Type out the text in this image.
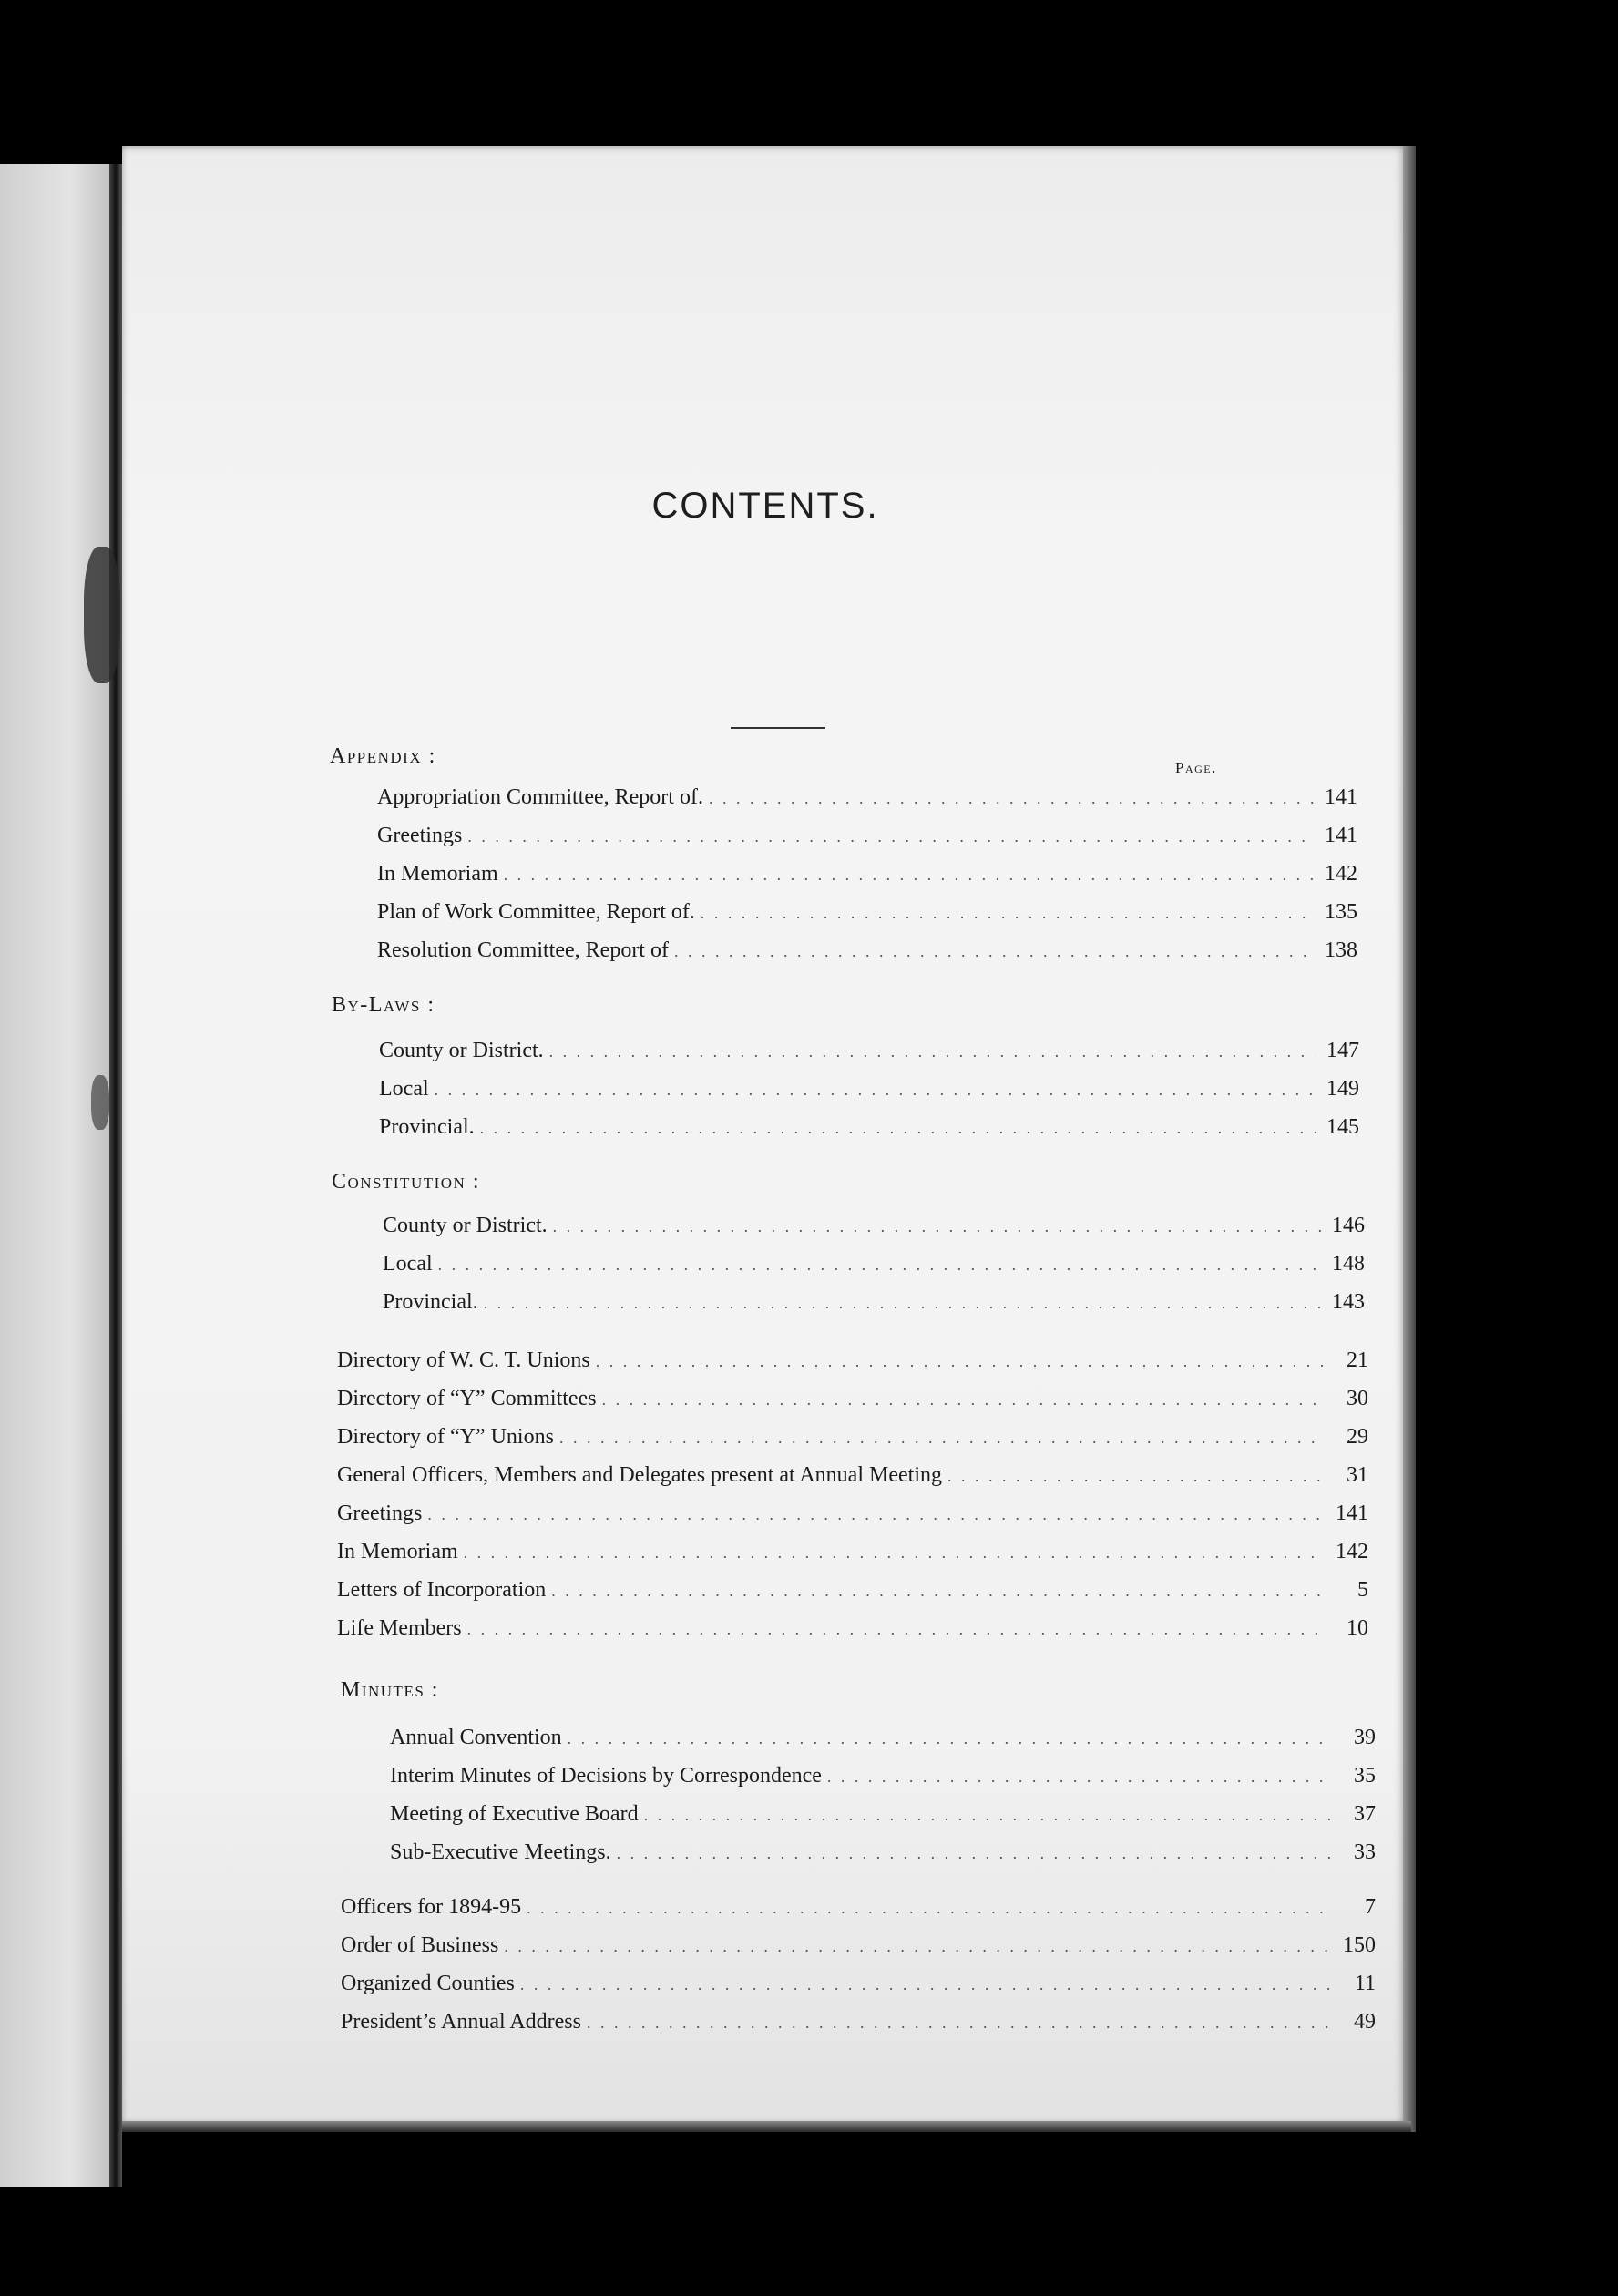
CONTENTS.
Appendix :	Page.
Appropriation Committee, Report of. . . .	141
Greetings . . .	141
In Memoriam . . .	142
Plan of Work Committee, Report of. . . .	135
Resolution Committee, Report of . . .	138
By-Laws :
County or District. . . .	147
Local . . .	149
Provincial. . . .	145
Constitution :
County or District. . . .	146
Local . . .	148
Provincial. . . .	143
Directory of W. C. T. Unions . . .	21
Directory of “Y” Committees . . .	30
Directory of “Y” Unions . . .	29
General Officers, Members and Delegates present at Annual Meeting . . .	31
Greetings . . .	141
In Memoriam . . .	142
Letters of Incorporation . . .	5
Life Members . . .	10
Minutes :
Annual Convention . . .	39
Interim Minutes of Decisions by Correspondence . . .	35
Meeting of Executive Board . . .	37
Sub-Executive Meetings. . . .	33
Officers for 1894-95 . . .	7
Order of Business . . .	150
Organized Counties . . .	11
President’s Annual Address . . .	49
